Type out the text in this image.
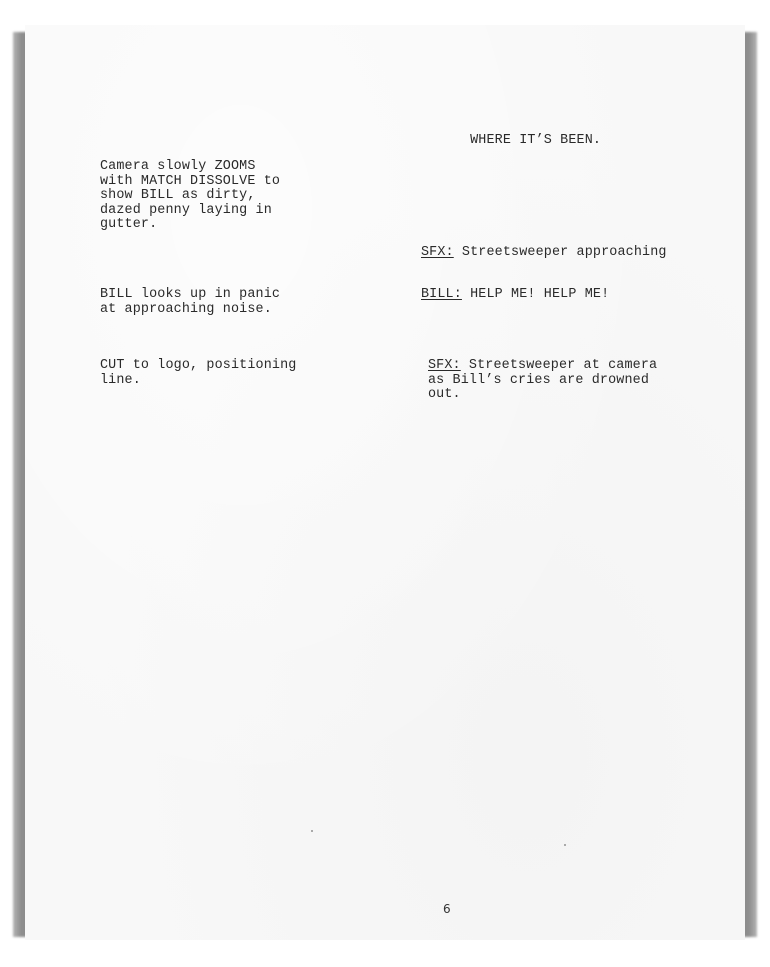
WHERE IT’S BEEN.

Camera slowly ZOOMS
with MATCH DISSOLVE to
show BILL as dirty,
dazed penny laying in
gutter.
SFX: Streetsweeper approaching
BILL looks up in panic
at approaching noise.
BILL: HELP ME! HELP ME!
CUT to logo, positioning
line.
SFX: Streetsweeper at camera
as Bill’s cries are drowned
out.
6
